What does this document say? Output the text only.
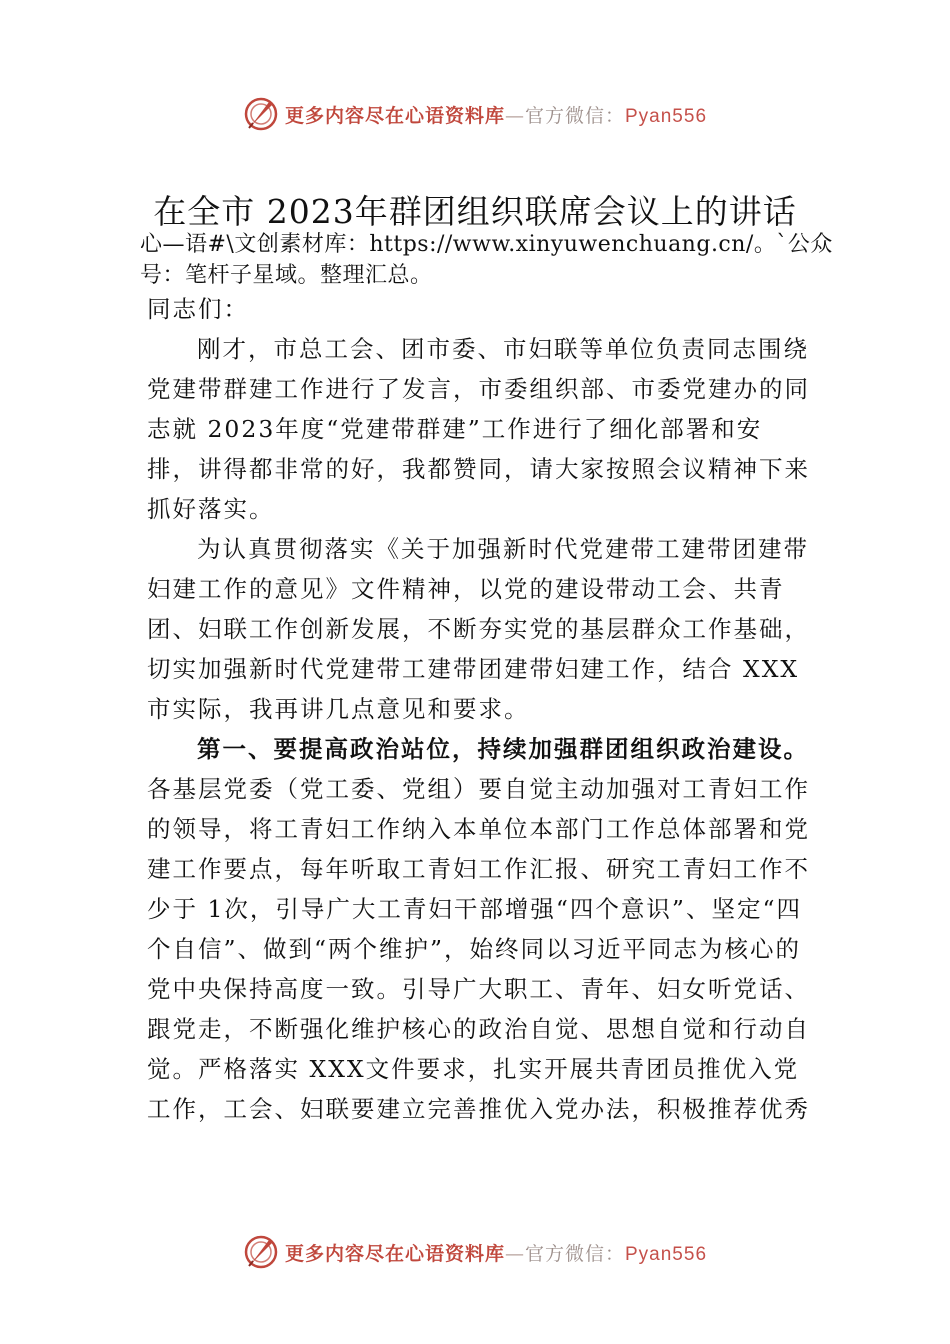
更多内容尽在心语资料库—官方微信：Pyan556
在全市 2023年群团组织联席会议上的讲话
心—语#\文创素材库：https://www.xinyuwenchuang.cn/。`公众号：笔杆子星域。整理汇总。

同志们：

刚才，市总工会、团市委、市妇联等单位负责同志围绕党建带群建工作进行了发言，市委组织部、市委党建办的同志就 2023年度“党建带群建”工作进行了细化部署和安排，讲得都非常的好，我都赞同，请大家按照会议精神下来抓好落实。

为认真贯彻落实《关于加强新时代党建带工建带团建带妇建工作的意见》文件精神，以党的建设带动工会、共青团、妇联工作创新发展，不断夯实党的基层群众工作基础，切实加强新时代党建带工建带团建带妇建工作，结合 XXX市实际，我再讲几点意见和要求。

第一、要提高政治站位，持续加强群团组织政治建设。

各基层党委（党工委、党组）要自觉主动加强对工青妇工作的领导，将工青妇工作纳入本单位本部门工作总体部署和党建工作要点，每年听取工青妇工作汇报、研究工青妇工作不少于 1次，引导广大工青妇干部增强“四个意识”、坚定“四个自信”、做到“两个维护”，始终同以习近平同志为核心的党中央保持高度一致。引导广大职工、青年、妇女听党话、 跟党走，不断强化维护核心的政治自觉、思想自觉和行动自觉。严格落实 XXX文件要求，扎实开展共青团员推优入党工作，工会、妇联要建立完善推优入党办法，积极推荐优秀

更多内容尽在心语资料库—官方微信：Pyan556
